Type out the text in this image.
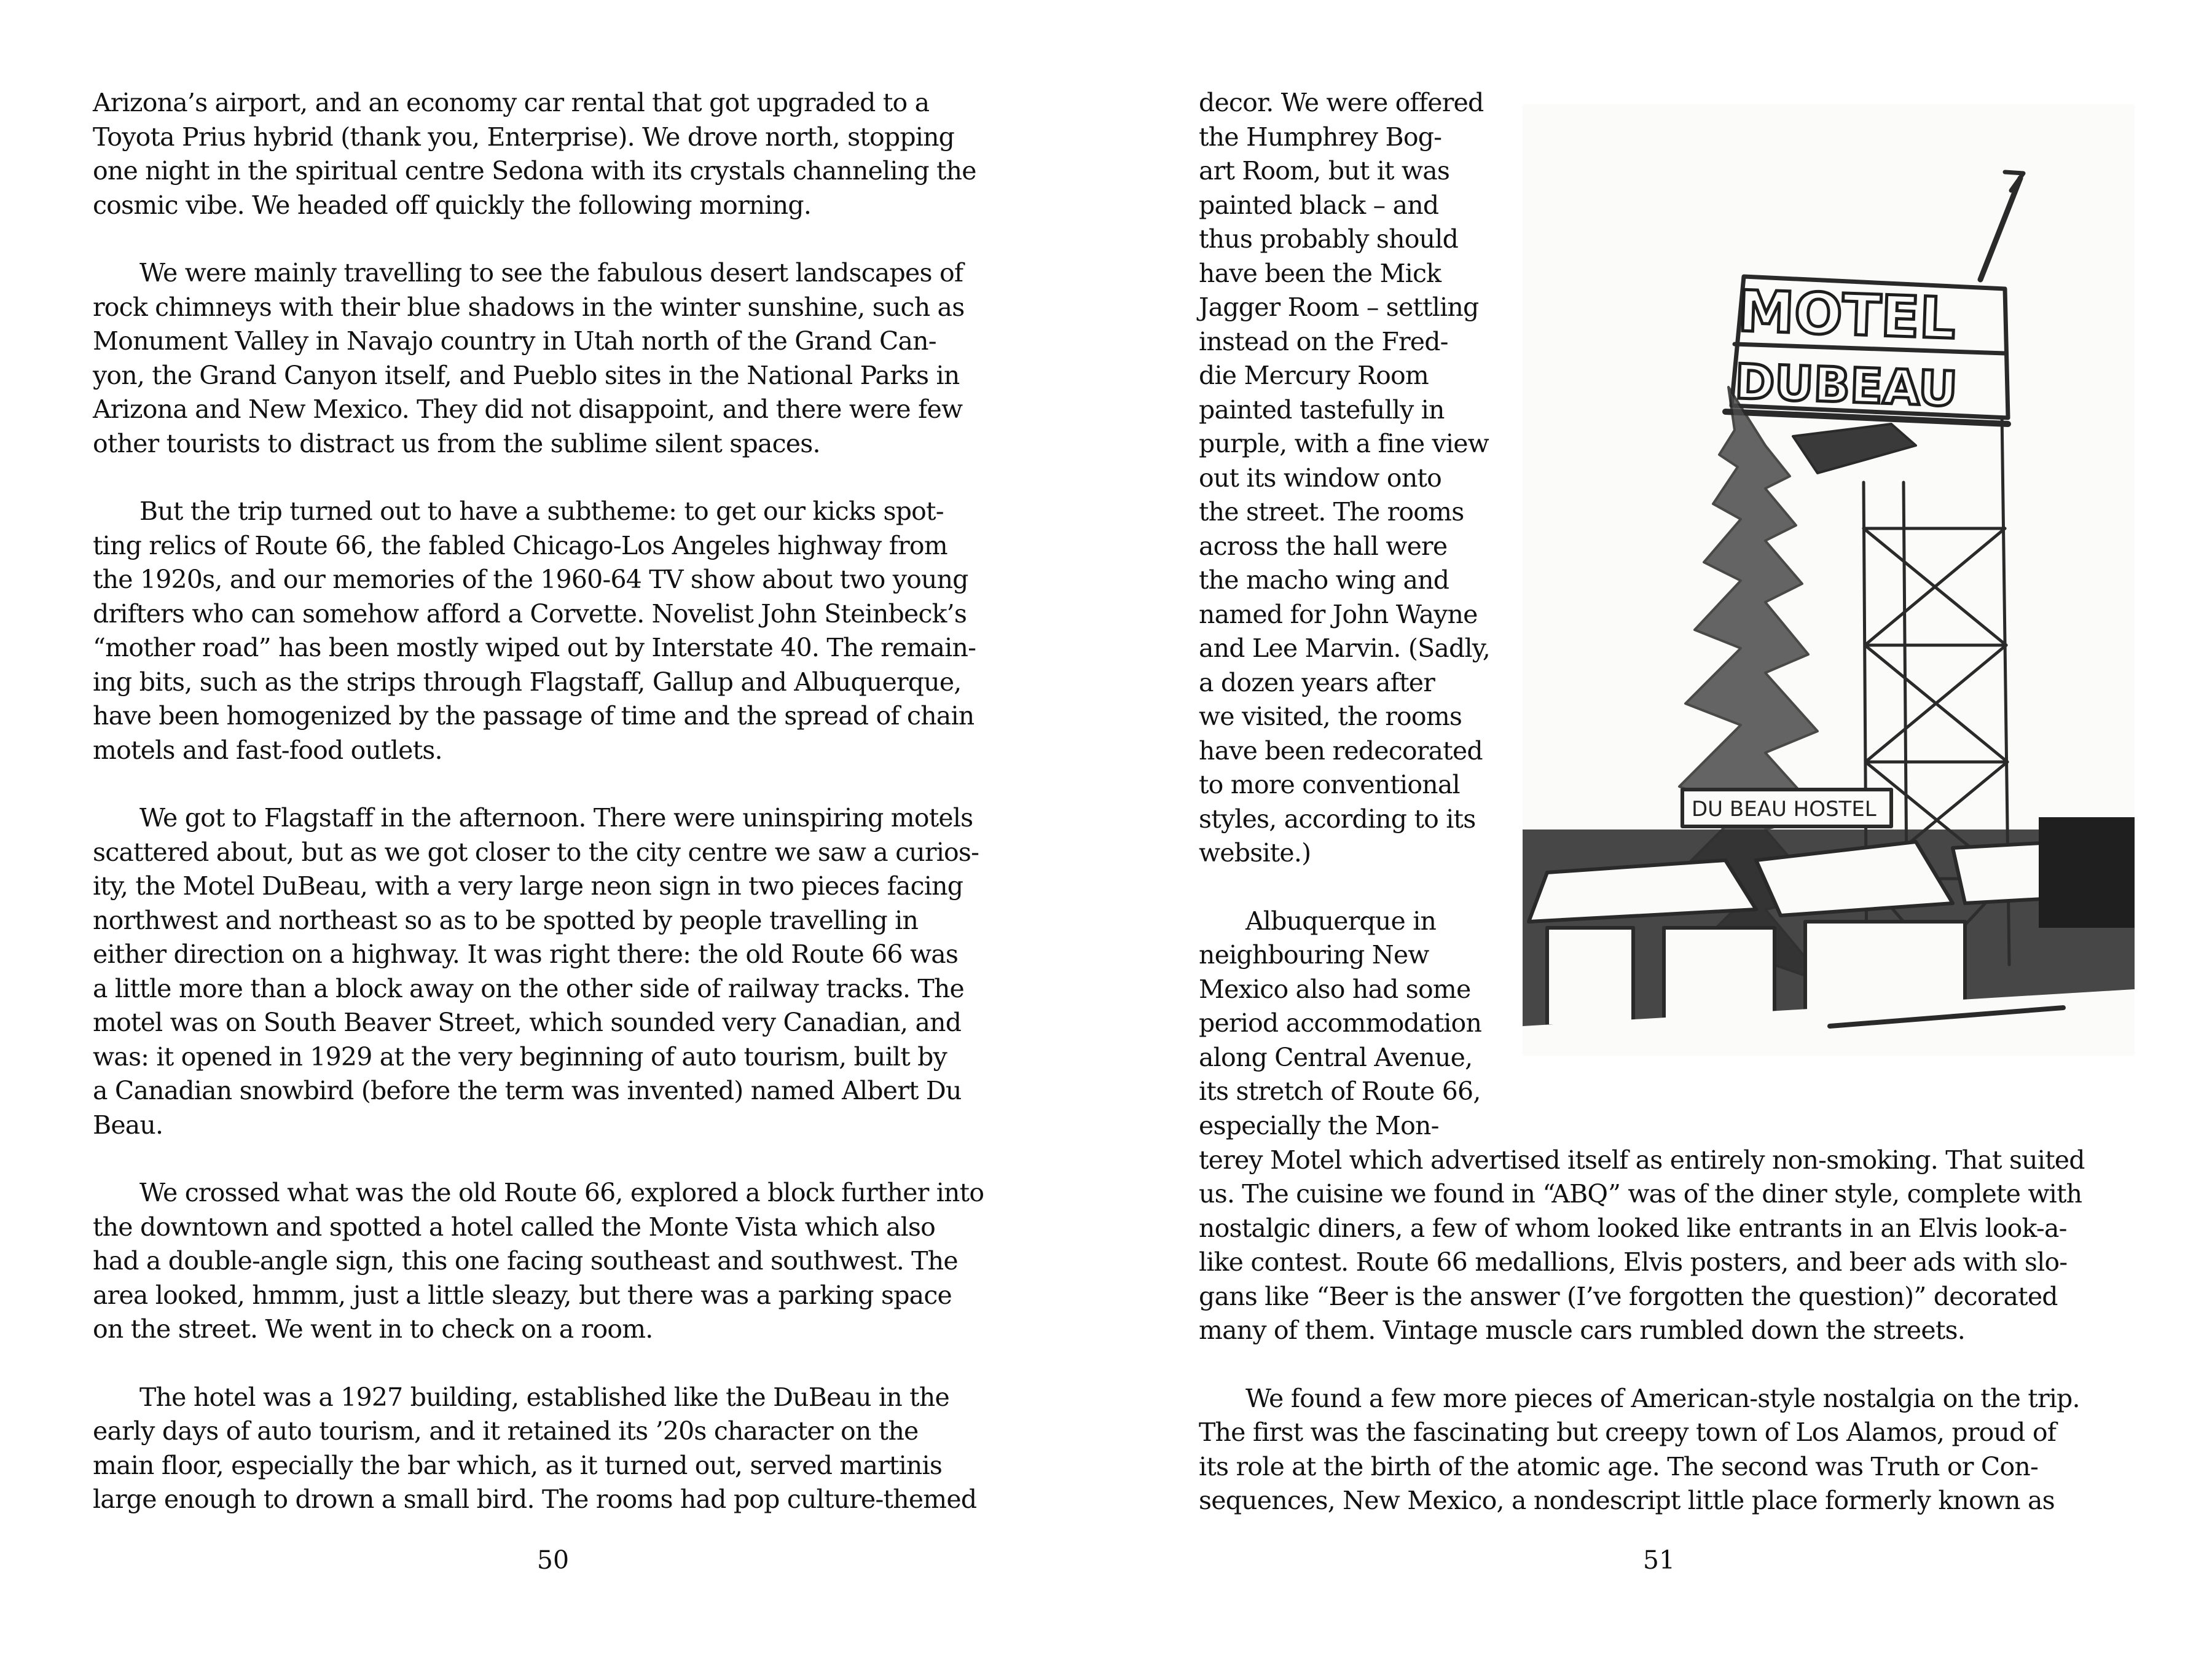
Arizona’s airport, and an economy car rental that got upgraded to a
Toyota Prius hybrid (thank you, Enterprise). We drove north, stopping
one night in the spiritual centre Sedona with its crystals channeling the
cosmic vibe. We headed off quickly the following morning.
We were mainly travelling to see the fabulous desert landscapes of
rock chimneys with their blue shadows in the winter sunshine, such as
Monument Valley in Navajo country in Utah north of the Grand Can-
yon, the Grand Canyon itself, and Pueblo sites in the National Parks in
Arizona and New Mexico. They did not disappoint, and there were few
other tourists to distract us from the sublime silent spaces.
But the trip turned out to have a subtheme: to get our kicks spot-
ting relics of Route 66, the fabled Chicago-Los Angeles highway from
the 1920s, and our memories of the 1960-64 TV show about two young
drifters who can somehow afford a Corvette. Novelist John Steinbeck’s
“mother road” has been mostly wiped out by Interstate 40. The remain-
ing bits, such as the strips through Flagstaff, Gallup and Albuquerque,
have been homogenized by the passage of time and the spread of chain
motels and fast-food outlets.
We got to Flagstaff in the afternoon. There were uninspiring motels
scattered about, but as we got closer to the city centre we saw a curios-
ity, the Motel DuBeau, with a very large neon sign in two pieces facing
northwest and northeast so as to be spotted by people travelling in
either direction on a highway. It was right there: the old Route 66 was
a little more than a block away on the other side of railway tracks. The
motel was on South Beaver Street, which sounded very Canadian, and
was: it opened in 1929 at the very beginning of auto tourism, built by
a Canadian snowbird (before the term was invented) named Albert Du
Beau.
We crossed what was the old Route 66, explored a block further into
the downtown and spotted a hotel called the Monte Vista which also
had a double-angle sign, this one facing southeast and southwest. The
area looked, hmmm, just a little sleazy, but there was a parking space
on the street. We went in to check on a room.
The hotel was a 1927 building, established like the DuBeau in the
early days of auto tourism, and it retained its ’20s character on the
main floor, especially the bar which, as it turned out, served martinis
large enough to drown a small bird. The rooms had pop culture-themed
50
decor. We were offered
the Humphrey Bog-
art Room, but it was
painted black – and
thus probably should
have been the Mick
Jagger Room – settling
instead on the Fred-
die Mercury Room
painted tastefully in
purple, with a fine view
out its window onto
the street. The rooms
across the hall were
the macho wing and
named for John Wayne
and Lee Marvin. (Sadly,
a dozen years after
we visited, the rooms
have been redecorated
to more conventional
styles, according to its
website.)
Albuquerque in
neighbouring New
Mexico also had some
period accommodation
along Central Avenue,
its stretch of Route 66,
especially the Mon-
terey Motel which advertised itself as entirely non-smoking. That suited
us. The cuisine we found in “ABQ” was of the diner style, complete with
nostalgic diners, a few of whom looked like entrants in an Elvis look-a-
like contest. Route 66 medallions, Elvis posters, and beer ads with slo-
gans like “Beer is the answer (I’ve forgotten the question)” decorated
many of them. Vintage muscle cars rumbled down the streets.
We found a few more pieces of American-style nostalgia on the trip.
The first was the fascinating but creepy town of Los Alamos, proud of
its role at the birth of the atomic age. The second was Truth or Con-
sequences, New Mexico, a nondescript little place formerly known as
MOTEL
DUBEAU
DU BEAU HOSTEL
51
